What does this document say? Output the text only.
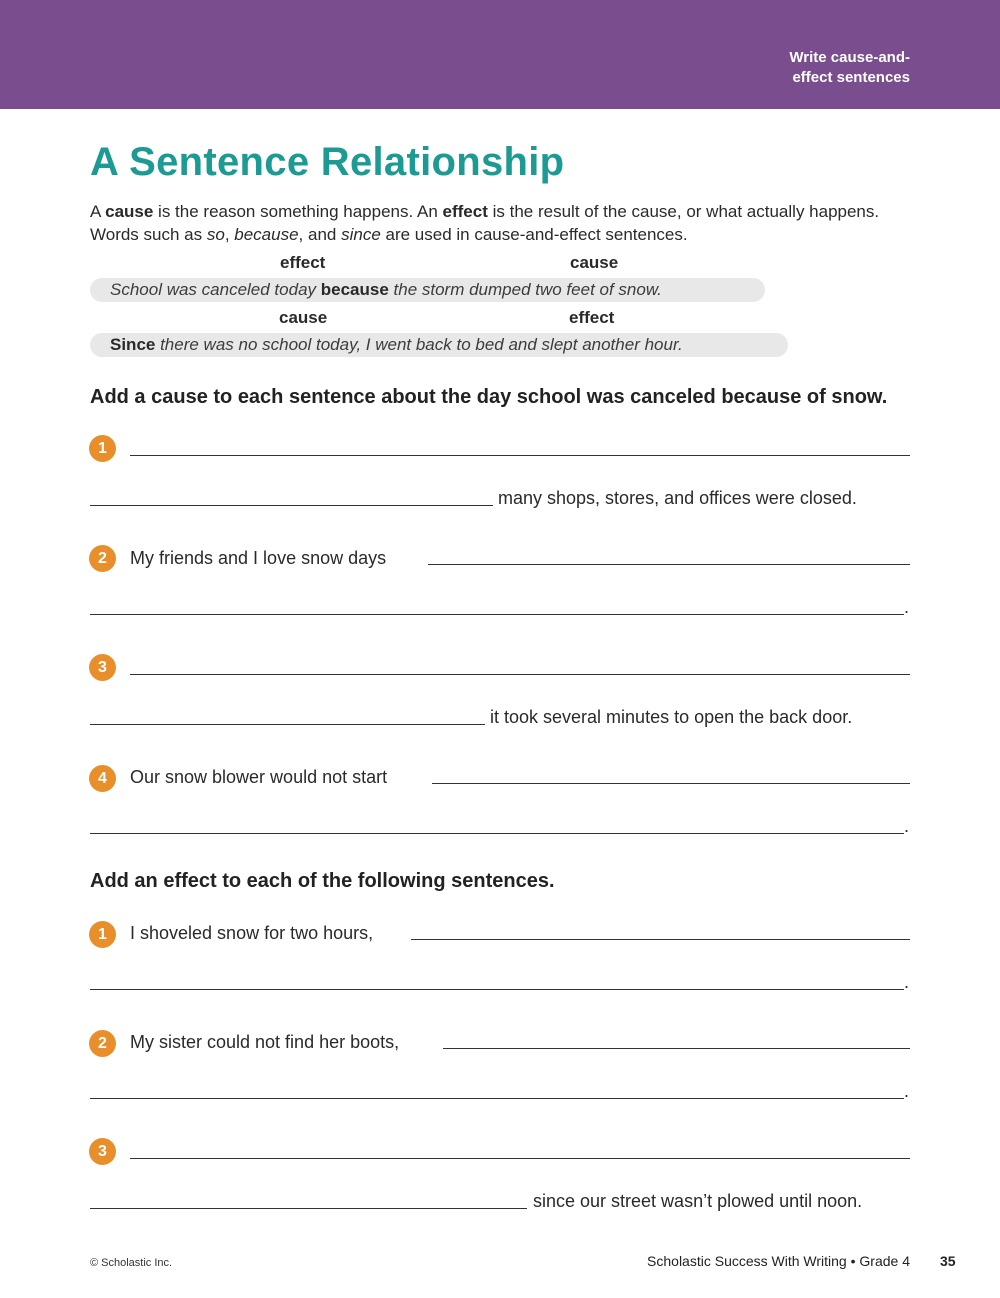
Write cause-and-
effect sentences
A Sentence Relationship
A cause is the reason something happens. An effect is the result of the cause, or what actually happens. Words such as so, because, and since are used in cause-and-effect sentences.
effect	cause
School was canceled today because the storm dumped two feet of snow.
cause	effect
Since there was no school today, I went back to bed and slept another hour.
Add a cause to each sentence about the day school was canceled because of snow.
1
many shops, stores, and offices were closed.
2	My friends and I love snow days
.
3
it took several minutes to open the back door.
4	Our snow blower would not start
.
Add an effect to each of the following sentences.
1	I shoveled snow for two hours,
.
2	My sister could not find her boots,
.
3
since our street wasn’t plowed until noon.
© Scholastic Inc.	Scholastic Success With Writing • Grade 4 35
